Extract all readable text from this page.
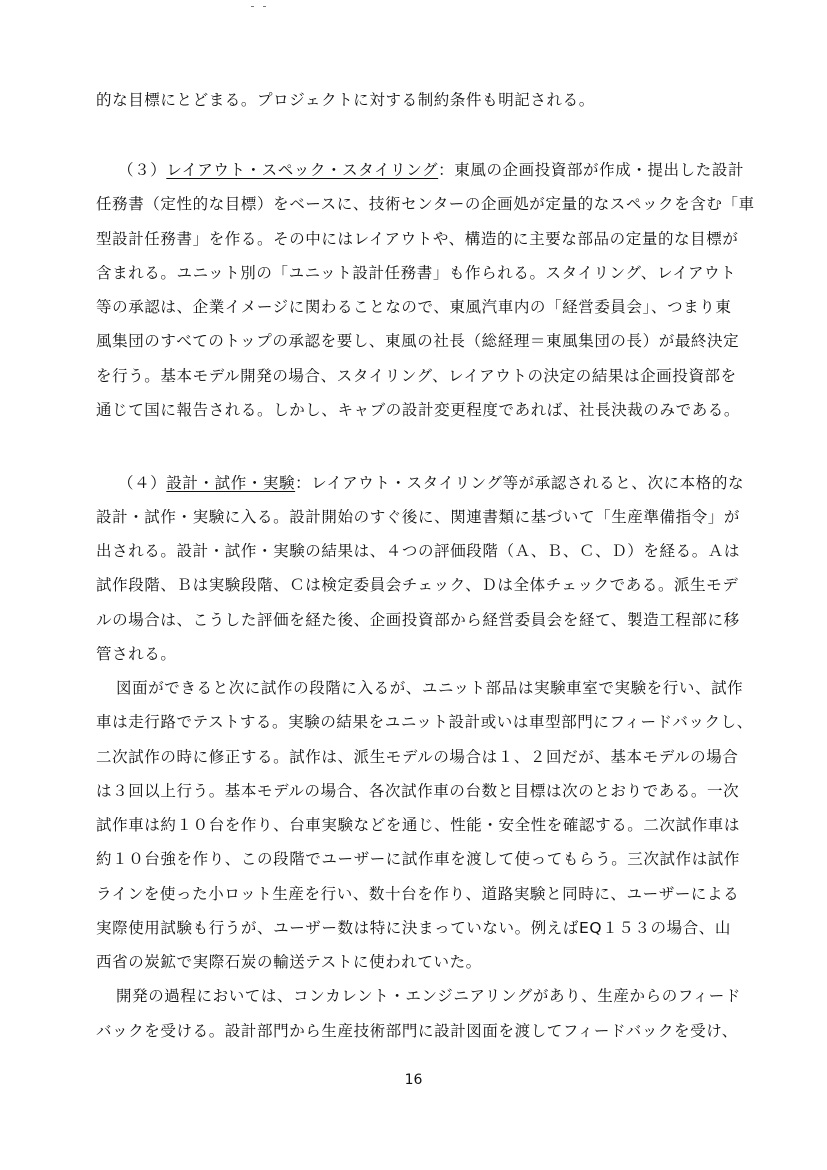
的な目標にとどまる。プロジェクトに対する制約条件も明記される。
（３）レイアウト・スペック・スタイリング：東風の企画投資部が作成・提出した設計
任務書（定性的な目標）をベースに、技術センターの企画処が定量的なスペックを含む「車
型設計任務書」を作る。その中にはレイアウトや、構造的に主要な部品の定量的な目標が
含まれる。ユニット別の「ユニット設計任務書」も作られる。スタイリング、レイアウト
等の承認は、企業イメージに関わることなので、東風汽車内の「経営委員会」、つまり東
風集団のすべてのトップの承認を要し、東風の社長（総経理＝東風集団の長）が最終決定
を行う。基本モデル開発の場合、スタイリング、レイアウトの決定の結果は企画投資部を
通じて国に報告される。しかし、キャブの設計変更程度であれば、社長決裁のみである。
（４）設計・試作・実験：レイアウト・スタイリング等が承認されると、次に本格的な
設計・試作・実験に入る。設計開始のすぐ後に、関連書類に基づいて「生産準備指令」が
出される。設計・試作・実験の結果は、４つの評価段階（Ａ、Ｂ、Ｃ、Ｄ）を経る。Ａは
試作段階、Ｂは実験段階、Ｃは検定委員会チェック、Ｄは全体チェックである。派生モデ
ルの場合は、こうした評価を経た後、企画投資部から経営委員会を経て、製造工程部に移
管される。
図面ができると次に試作の段階に入るが、ユニット部品は実験車室で実験を行い、試作
車は走行路でテストする。実験の結果をユニット設計或いは車型部門にフィードバックし、
二次試作の時に修正する。試作は、派生モデルの場合は１、２回だが、基本モデルの場合
は３回以上行う。基本モデルの場合、各次試作車の台数と目標は次のとおりである。一次
試作車は約１０台を作り、台車実験などを通じ、性能・安全性を確認する。二次試作車は
約１０台強を作り、この段階でユーザーに試作車を渡して使ってもらう。三次試作は試作
ラインを使った小ロット生産を行い、数十台を作り、道路実験と同時に、ユーザーによる
実際使用試験も行うが、ユーザー数は特に決まっていない。例えばEQ１５３の場合、山
西省の炭鉱で実際石炭の輸送テストに使われていた。
開発の過程においては、コンカレント・エンジニアリングがあり、生産からのフィード
バックを受ける。設計部門から生産技術部門に設計図面を渡してフィードバックを受け、
16
